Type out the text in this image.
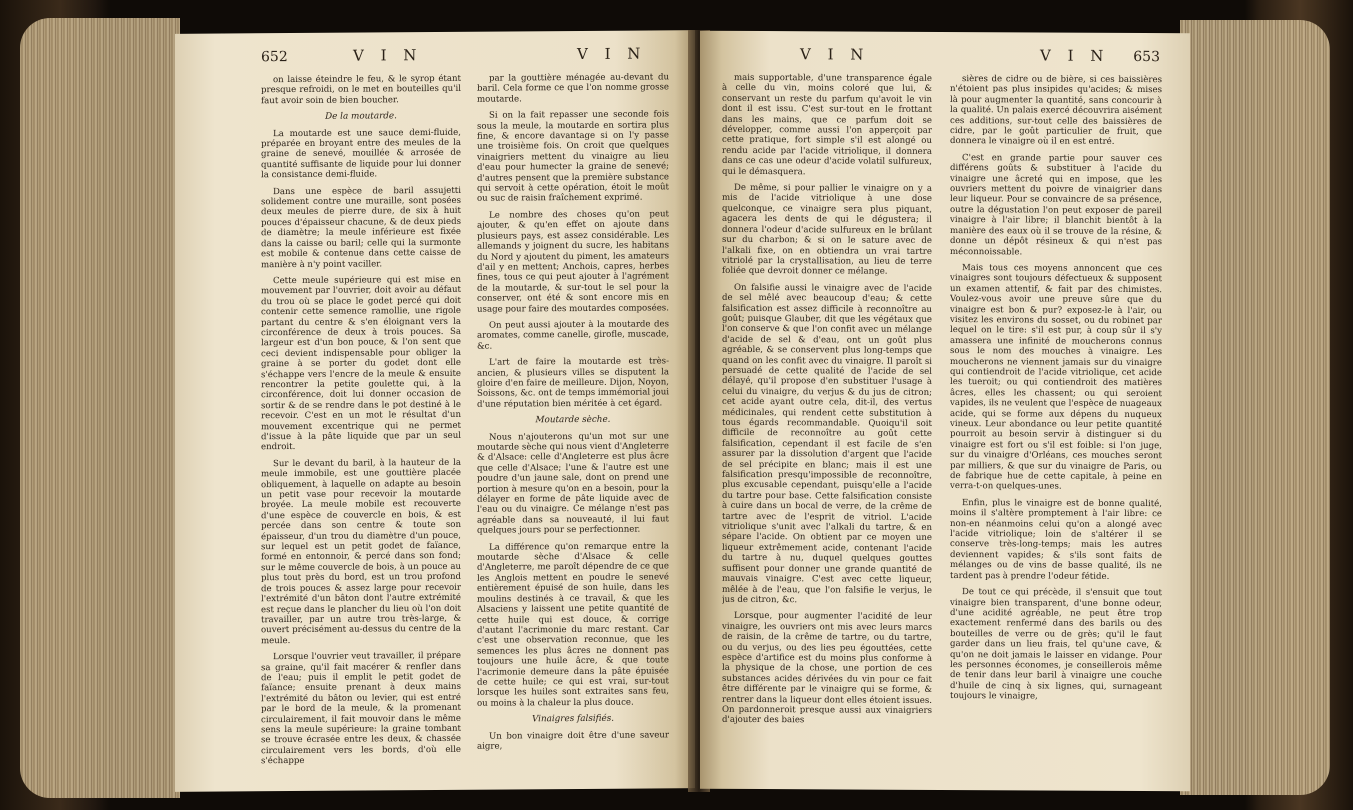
652	V I N	V I N

on laisse éteindre le feu, & le syrop étant presque refroidi, on le met en bouteilles qu'il faut avoir soin de bien boucher.

De la moutarde.

La moutarde est une sauce demi-fluide, préparée en broyant entre des meules de la graine de senevé, mouillée & arrosée de quantité suffisante de liquide pour lui donner la consistance demi-fluide.

Dans une espèce de baril assujetti solidement contre une muraille, sont posées deux meules de pierre dure, de six à huit pouces d'épaisseur chacune, & de deux pieds de diamètre; la meule inférieure est fixée dans la caisse ou baril; celle qui la surmonte est mobile & contenue dans cette caisse de manière à n'y point vaciller.

Cette meule supérieure qui est mise en mouvement par l'ouvrier, doit avoir au défaut du trou où se place le godet percé qui doit contenir cette semence ramollie, une rigole partant du centre & s'en éloignant vers la circonférence de deux à trois pouces. Sa largeur est d'un bon pouce, & l'on sent que ceci devient indispensable pour obliger la graine à se porter du godet dont elle s'échappe vers l'encre de la meule & ensuite rencontrer la petite goulette qui, à la circonférence, doit lui donner occasion de sortir & de se rendre dans le pot destiné à le recevoir. C'est en un mot le résultat d'un mouvement excentrique qui ne permet d'issue à la pâte liquide que par un seul endroit.

Sur le devant du baril, à la hauteur de la meule immobile, est une gouttière placée obliquement, à laquelle on adapte au besoin un petit vase pour recevoir la moutarde broyée. La meule mobile est recouverte d'une espèce de couvercle en bois, & est percée dans son centre & toute son épaisseur, d'un trou du diamètre d'un pouce, sur lequel est un petit godet de faïance, formé en entonnoir, & percé dans son fond; sur le même couvercle de bois, à un pouce au plus tout près du bord, est un trou profond de trois pouces & assez large pour recevoir l'extrémité d'un bâton dont l'autre extrémité est reçue dans le plancher du lieu où l'on doit travailler, par un autre trou très-large, & ouvert précisément au-dessus du centre de la meule.

Lorsque l'ouvrier veut travailler, il prépare sa graine, qu'il fait macérer & renfler dans de l'eau; puis il emplit le petit godet de faïance; ensuite prenant à deux mains l'extrémité du bâton ou levier, qui est entré par le bord de la meule, & la promenant circulairement, il fait mouvoir dans le même sens la meule supérieure: la graine tombant se trouve écrasée entre les deux, & chassée circulairement vers les bords, d'où elle s'échappe

par la gouttière ménagée au-devant du baril. Cela forme ce que l'on nomme grosse moutarde.

Si on la fait repasser une seconde fois sous la meule, la moutarde en sortira plus fine, & encore davantage si on l'y passe une troisième fois. On croit que quelques vinaigriers mettent du vinaigre au lieu d'eau pour humecter la graine de senevé; d'autres pensent que la première substance qui servoit à cette opération, étoit le moût ou suc de raisin fraîchement exprimé.

Le nombre des choses qu'on peut ajouter, & qu'en effet on ajoute dans plusieurs pays, est assez considérable. Les allemands y joignent du sucre, les habitans du Nord y ajoutent du piment, les amateurs d'ail y en mettent; Anchois, capres, herbes fines, tous ce qui peut ajouter à l'agrément de la moutarde, & sur-tout le sel pour la conserver, ont été & sont encore mis en usage pour faire des moutardes composées.

On peut aussi ajouter à la moutarde des aromates, comme canelle, girofle, muscade, &c.

L'art de faire la moutarde est très-ancien, & plusieurs villes se disputent la gloire d'en faire de meilleure. Dijon, Noyon, Soissons, &c. ont de temps immémorial joui d'une réputation bien méritée à cet égard.

Moutarde sèche.

Nous n'ajouterons qu'un mot sur une moutarde sèche qui nous vient d'Angleterre & d'Alsace: celle d'Angleterre est plus âcre que celle d'Alsace; l'une & l'autre est une poudre d'un jaune sale, dont on prend une portion à mesure qu'on en a besoin, pour la délayer en forme de pâte liquide avec de l'eau ou du vinaigre. Ce mélange n'est pas agréable dans sa nouveauté, il lui faut quelques jours pour se perfectionner.

La différence qu'on remarque entre la moutarde sèche d'Alsace & celle d'Angleterre, me paroît dépendre de ce que les Anglois mettent en poudre le senevé entièrement épuisé de son huile, dans les moulins destinés à ce travail, & que les Alsaciens y laissent une petite quantité de cette huile qui est douce, & corrige d'autant l'acrimonie du marc restant. Car c'est une observation reconnue, que les semences les plus âcres ne donnent pas toujours une huile âcre, & que toute l'acrimonie demeure dans la pâte épuisée de cette huile; ce qui est vrai, sur-tout lorsque les huiles sont extraites sans feu, ou moins à la chaleur la plus douce.

Vinaigres falsifiés.

Un bon vinaigre doit être d'une saveur aigre,

V I N	V I N 653

mais supportable, d'une transparence égale à celle du vin, moins coloré que lui, & conservant un reste du parfum qu'avoit le vin dont il est issu. C'est sur-tout en le frottant dans les mains, que ce parfum doit se développer, comme aussi l'on apperçoit par cette pratique, fort simple s'il est alongé ou rendu acide par l'acide vitriolique, il donnera dans ce cas une odeur d'acide volatil sulfureux, qui le démasquera.

De même, si pour pallier le vinaigre on y a mis de l'acide vitriolique à une dose quelconque, ce vinaigre sera plus piquant, agacera les dents de qui le dégustera; il donnera l'odeur d'acide sulfureux en le brûlant sur du charbon; & si on le sature avec de l'alkali fixe, on en obtiendra un vrai tartre vitriolé par la crystallisation, au lieu de terre foliée que devroit donner ce mélange.

On falsifie aussi le vinaigre avec de l'acide de sel mêlé avec beaucoup d'eau; & cette falsification est assez difficile à reconnoître au goût; puisque Glauber, dit que les végétaux que l'on conserve & que l'on confit avec un mélange d'acide de sel & d'eau, ont un goût plus agréable, & se conservent plus long-temps que quand on les confit avec du vinaigre. Il paroît si persuadé de cette qualité de l'acide de sel délayé, qu'il propose d'en substituer l'usage à celui du vinaigre, du verjus & du jus de citron; cet acide ayant outre cela, dit-il, des vertus médicinales, qui rendent cette substitution à tous égards recommandable. Quoiqu'il soit difficile de reconnoître au goût cette falsification, cependant il est facile de s'en assurer par la dissolution d'argent que l'acide de sel précipite en blanc; mais il est une falsification presqu'impossible de reconnoître, plus excusable cependant, puisqu'elle a l'acide du tartre pour base. Cette falsification consiste à cuire dans un bocal de verre, de la crême de tartre avec de l'esprit de vitriol. L'acide vitriolique s'unit avec l'alkali du tartre, & en sépare l'acide. On obtient par ce moyen une liqueur extrêmement acide, contenant l'acide du tartre à nu, duquel quelques gouttes suffisent pour donner une grande quantité de mauvais vinaigre. C'est avec cette liqueur, mêlée à de l'eau, que l'on falsifie le verjus, le jus de citron, &c.

Lorsque, pour augmenter l'acidité de leur vinaigre, les ouvriers ont mis avec leurs marcs de raisin, de la crême de tartre, ou du tartre, ou du verjus, ou des lies peu égouttées, cette espèce d'artifice est du moins plus conforme à la physique de la chose, une portion de ces substances acides dérivées du vin pour ce fait être différente par le vinaigre qui se forme, & rentrer dans la liqueur dont elles étoient issues. On pardonneroit presque aussi aux vinaigriers d'ajouter des baies

sières de cidre ou de bière, si ces baissières n'étoient pas plus insipides qu'acides; & mises là pour augmenter la quantité, sans concourir à la qualité. Un palais exercé découvrira aisément ces additions, sur-tout celle des baissières de cidre, par le goût particulier de fruit, que donnera le vinaigre où il en est entré.

C'est en grande partie pour sauver ces différens goûts & substituer à l'acide du vinaigre une âcreté qui en impose, que les ouvriers mettent du poivre de vinaigrier dans leur liqueur. Pour se convaincre de sa présence, outre la dégustation l'on peut exposer de pareil vinaigre à l'air libre; il blanchit bientôt à la manière des eaux où il se trouve de la résine, & donne un dépôt résineux & qui n'est pas méconnoissable.

Mais tous ces moyens annoncent que ces vinaigres sont toujours défectueux & supposent un examen attentif, & fait par des chimistes. Voulez-vous avoir une preuve sûre que du vinaigre est bon & pur? exposez-le à l'air, ou visitez les environs du sosset, ou du robinet par lequel on le tire: s'il est pur, à coup sûr il s'y amassera une infinité de moucherons connus sous le nom des mouches à vinaigre. Les moucherons ne viennent jamais sur du vinaigre qui contiendroit de l'acide vitriolique, cet acide les tueroit; ou qui contiendroit des matières âcres, elles les chassent; ou qui seroient vapides, ils ne veulent que l'espèce de nuageaux acide, qui se forme aux dépens du nuqueux vineux. Leur abondance ou leur petite quantité pourroit au besoin servir à distinguer si du vinaigre est fort ou s'il est foible: si l'on juge, sur du vinaigre d'Orléans, ces mouches seront par milliers, & que sur du vinaigre de Paris, ou de fabrique hue de cette capitale, à peine en verra-t-on quelques-unes.

Enfin, plus le vinaigre est de bonne qualité, moins il s'altère promptement à l'air libre: ce non-en néanmoins celui qu'on a alongé avec l'acide vitriolique; loin de s'altérer il se conserve très-long-temps; mais les autres deviennent vapides; & s'ils sont faits de mélanges ou de vins de basse qualité, ils ne tardent pas à prendre l'odeur fétide.

De tout ce qui précède, il s'ensuit que tout vinaigre bien transparent, d'une bonne odeur, d'une acidité agréable, ne peut être trop exactement renfermé dans des barils ou des bouteilles de verre ou de grès; qu'il le faut garder dans un lieu frais, tel qu'une cave, & qu'on ne doit jamais le laisser en vidange. Pour les personnes économes, je conseillerois même de tenir dans leur baril à vinaigre une couche d'huile de cinq à six lignes, qui, surnageant toujours le vinaigre,
